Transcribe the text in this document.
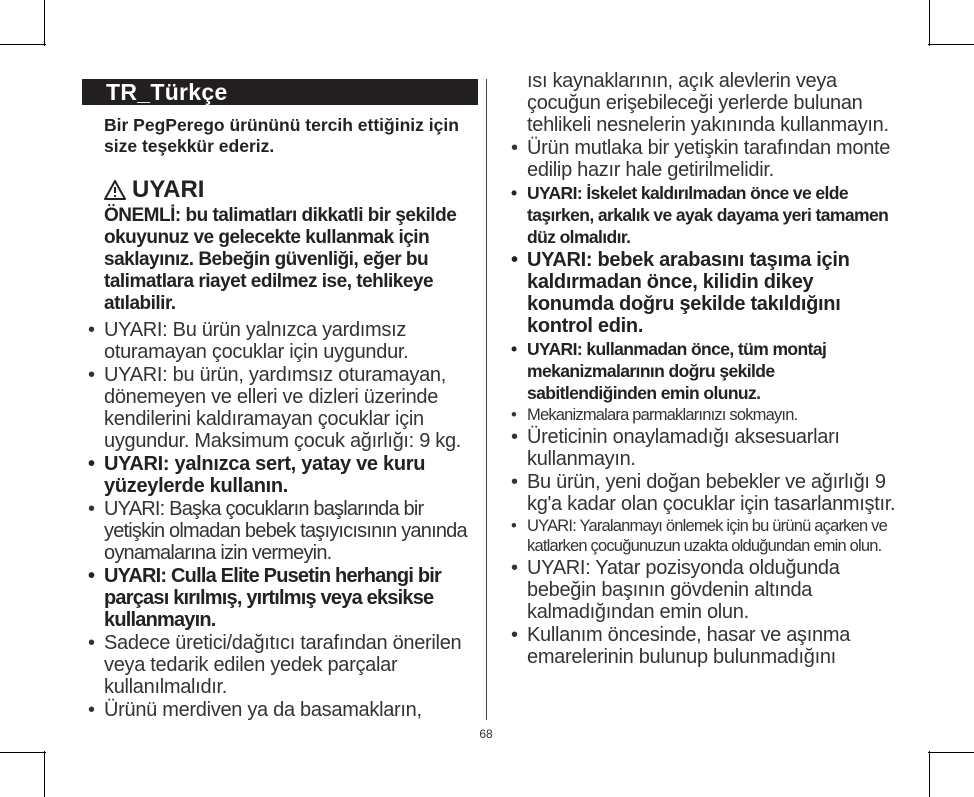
TR_Türkçe
Bir PegPerego ürününü tercih ettiğiniz için size teşekkür ederiz.
UYARI
ÖNEMLİ: bu talimatları dikkatli bir şekilde okuyunuz ve gelecekte kullanmak için saklayınız. Bebeğin güvenliği, eğer bu talimatlara riayet edilmez ise, tehlikeye atılabilir.
• UYARI: Bu ürün yalnızca yardımsız oturamayan çocuklar için uygundur.
• UYARI: bu ürün, yardımsız oturamayan, dönemeyen ve elleri ve dizleri üzerinde kendilerini kaldıramayan çocuklar için uygundur. Maksimum çocuk ağırlığı: 9 kg.
• UYARI: yalnızca sert, yatay ve kuru yüzeylerde kullanın.
• UYARI: Başka çocukların başlarında bir yetişkin olmadan bebek taşıyıcısının yanında oynamalarına izin vermeyin.
• UYARI: Culla Elite Pusetin herhangi bir parçası kırılmış, yırtılmış veya eksikse kullanmayın.
• Sadece üretici/dağıtıcı tarafından önerilen veya tedarik edilen yedek parçalar kullanılmalıdır.
• Ürünü merdiven ya da basamakların,
68
ısı kaynaklarının, açık alevlerin veya çocuğun erişebileceği yerlerde bulunan tehlikeli nesnelerin yakınında kullanmayın.
• Ürün mutlaka bir yetişkin tarafından monte edilip hazır hale getirilmelidir.
• UYARI: İskelet kaldırılmadan önce ve elde taşırken, arkalık ve ayak dayama yeri tamamen düz olmalıdır.
• UYARI: bebek arabasını taşıma için kaldırmadan önce, kilidin dikey konumda doğru şekilde takıldığını kontrol edin.
• UYARI: kullanmadan önce, tüm montaj mekanizmalarının doğru şekilde sabitlendiğinden emin olunuz.
• Mekanizmalara parmaklarınızı sokmayın.
• Üreticinin onaylamadığı aksesuarları kullanmayın.
• Bu ürün, yeni doğan bebekler ve ağırlığı 9 kg'a kadar olan çocuklar için tasarlanmıştır.
• UYARI: Yaralanmayı önlemek için bu ürünü açarken ve katlarken çocuğunuzun uzakta olduğundan emin olun.
• UYARI: Yatar pozisyonda olduğunda bebeğin başının gövdenin altında kalmadığından emin olun.
• Kullanım öncesinde, hasar ve aşınma emarelerinin bulunup bulunmadığını
